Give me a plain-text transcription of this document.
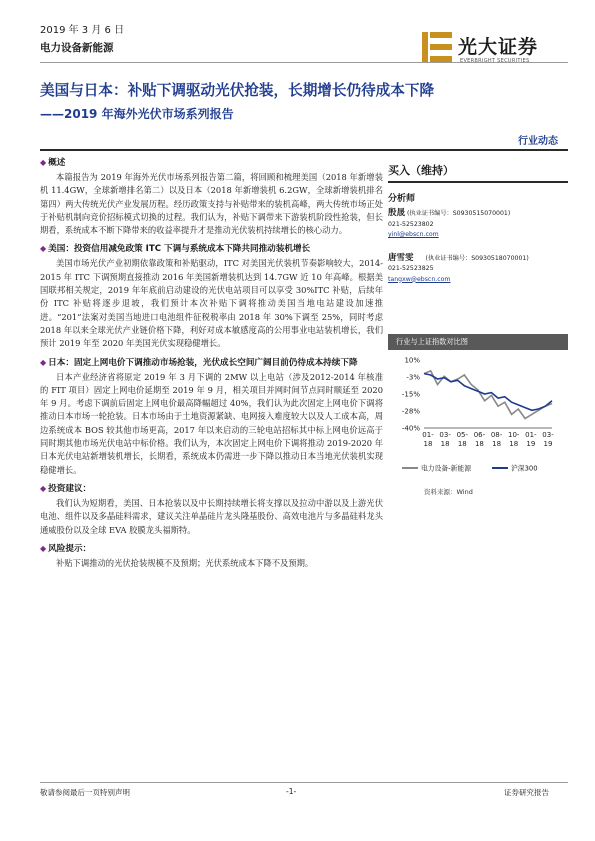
2019 年 3 月 6 日
电力设备新能源	光大证券
EVERBRIGHT SECURITIES
美国与日本：补贴下调驱动光伏抢装，长期增长仍待成本下降
——2019 年海外光伏市场系列报告
行业动态
◆ 概述

本篇报告为 2019 年海外光伏市场系列报告第二篇，将回顾和梳理美国（2018 年新增装机 11.4GW，全球新增排名第二）以及日本（2018 年新增装机 6.2GW，全球新增装机排名第四）两大传统光伏产业发展历程。经历政策支持与补贴带来的装机高峰，两大传统市场正处于补贴机制向竞价招标模式切换的过程。我们认为，补贴下调带来下游装机阶段性抢装，但长期看，系统成本不断下降带来的收益率提升才是推动光伏装机持续增长的核心动力。

◆ 美国：投资信用减免政策 ITC 下调与系统成本下降共同推动装机增长

美国市场光伏产业初期依靠政策和补贴驱动，ITC 对美国光伏装机节奏影响较大，2014-2015 年 ITC 下调预期直接推动 2016 年美国新增装机达到 14.7GW 近 10 年高峰。根据美国联邦相关规定，2019 年年底前启动建设的光伏电站项目可以享受 30%ITC 补贴，后续年份 ITC 补贴将逐步退坡，我们预计本次补贴下调将推动美国当地电站建设加速推进。“201”法案对美国当地进口电池组件征税税率由 2018 年 30%下调至 25%，同时考虑 2018 年以来全球光伏产业链价格下降，利好对成本敏感度高的公用事业电站装机增长，我们预计 2019 年至 2020 年美国光伏实现稳健增长。

◆ 日本：固定上网电价下调推动市场抢装，光伏成长空间广阔目前仍待成本持续下降

日本产业经济省将原定 2019 年 3 月下调的 2MW 以上电站（涉及2012-2014 年核准的 FIT 项目）固定上网电价延期至 2019 年 9 月，相关项目并网时间节点同时顺延至 2020 年 9 月。考虑下调前后固定上网电价最高降幅超过 40%，我们认为此次固定上网电价下调将推动日本市场一轮抢装。日本市场由于土地资源紧缺、电网接入难度较大以及人工成本高，周边系统成本 BOS 较其他市场更高，2017 年以来启动的三轮电站招标其中标上网电价远高于同时期其他市场光伏电站中标价格。我们认为，本次固定上网电价下调将推动 2019-2020 年日本光伏电站新增装机增长，长期看，系统成本仍需进一步下降以推动日本当地光伏装机实现稳健增长。

◆ 投资建议：

我们认为短期看，美国、日本抢装以及中长期持续增长将支撑以及拉动中游以及上游光伏电池、组件以及多晶硅料需求，建议关注单晶硅片龙头隆基股份、高效电池片与多晶硅料龙头通威股份以及全球 EVA 胶膜龙头福斯特。

◆ 风险提示：

补贴下调推动的光伏抢装规模不及预期；光伏系统成本下降不及预期。

买入（维持）
分析师
殷晟 (执业证书编号：S0930515070001)
021-52523802
yinl@ebscn.com
唐雪雯 (执业证书编号：S0930518070001)
021-52523825
tangxw@ebscn.com
行业与上证指数对比图
10%
-3%
-15%
-28%
-40%
01-
18
03-
18
05-
18
06-
18
08-
18
10-
18
01-
19
03-
19
电力设备-新能源	沪深300
资料来源：Wind
敬请参阅最后一页特别声明	-1-	证券研究报告
